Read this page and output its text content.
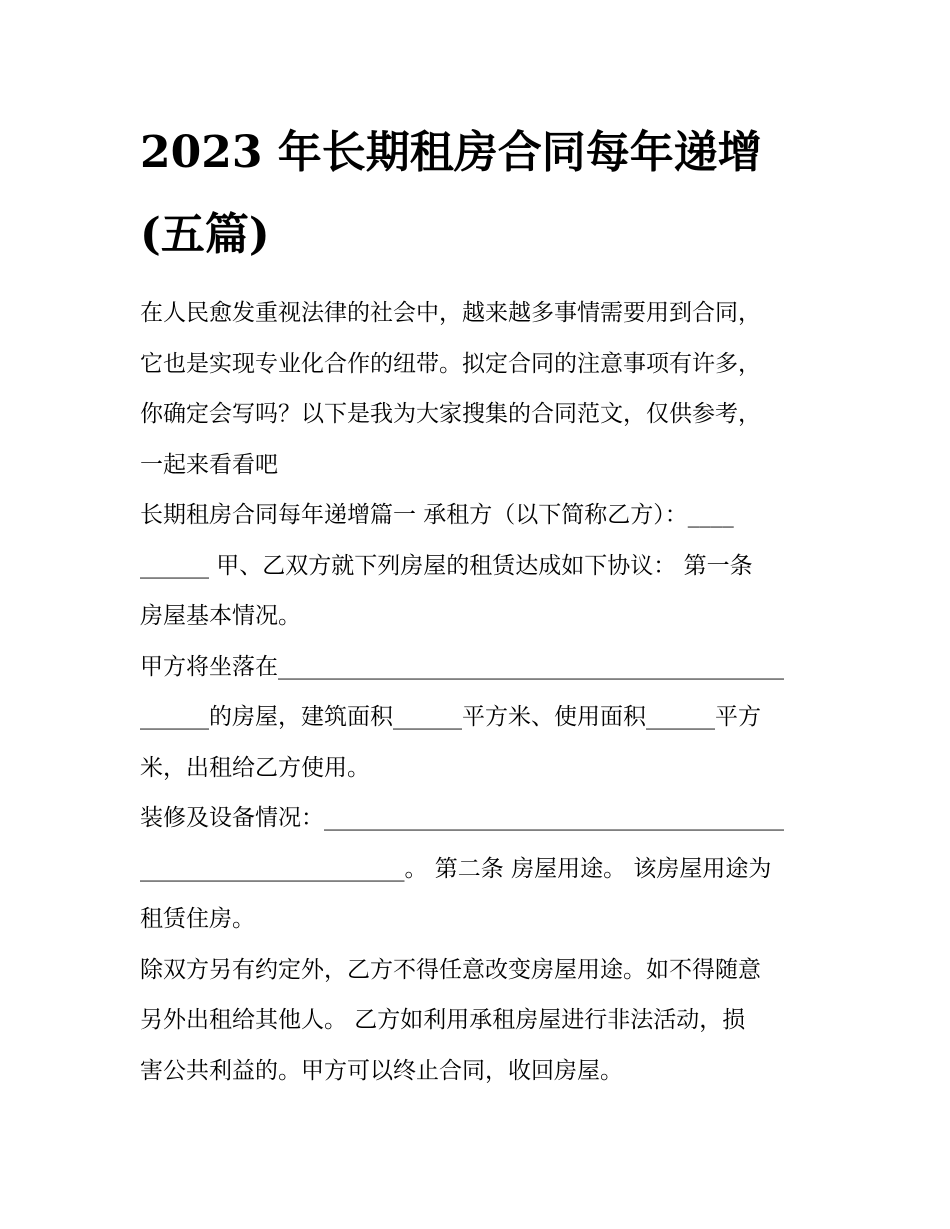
2023 年长期租房合同每年递增
(五篇)

在人民愈发重视法律的社会中，越来越多事情需要用到合同，
它也是实现专业化合作的纽带。拟定合同的注意事项有许多，
你确定会写吗？以下是我为大家搜集的合同范文，仅供参考，
一起来看看吧

长期租房合同每年递增篇一 承租方（以下简称乙方）：____
______ 甲、乙双方就下列房屋的租赁达成如下协议： 第一条
房屋基本情况。

甲方将坐落在____________________________________________
______的房屋，建筑面积______平方米、使用面积______平方
米，出租给乙方使用。

装修及设备情况：________________________________________
_______________________。 第二条 房屋用途。 该房屋用途为
租赁住房。

除双方另有约定外，乙方不得任意改变房屋用途。如不得随意
另外出租给其他人。 乙方如利用承租房屋进行非法活动，损
害公共利益的。甲方可以终止合同，收回房屋。
